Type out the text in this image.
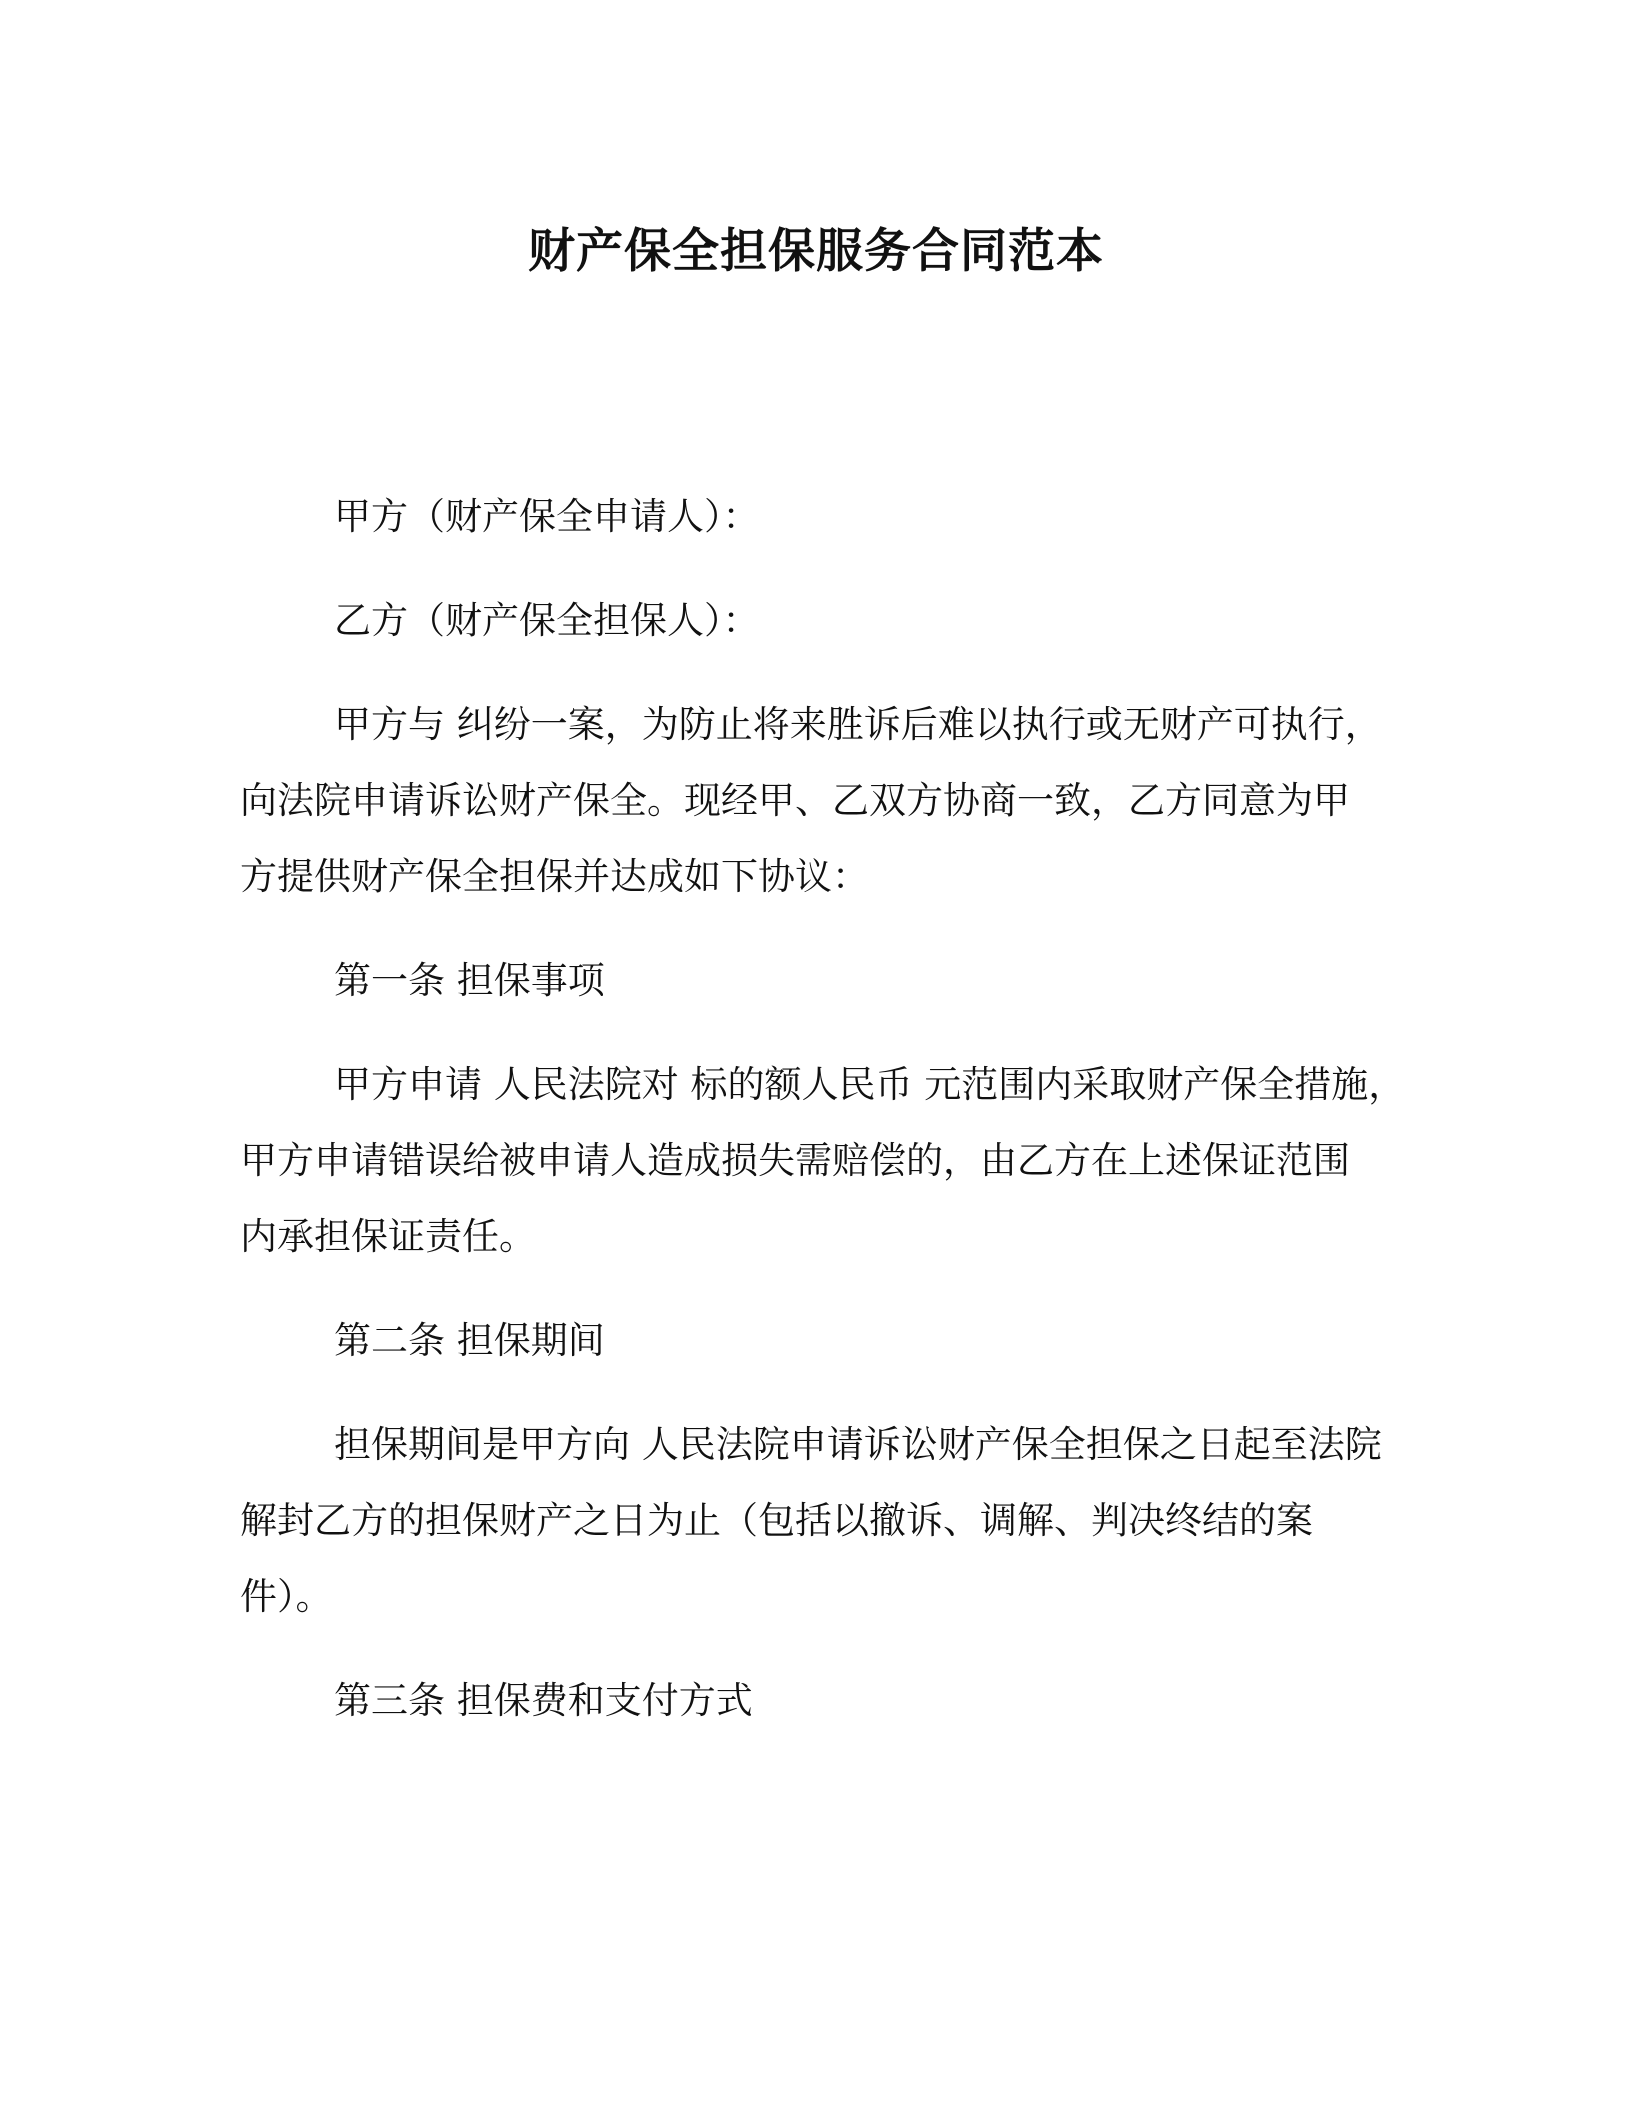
财产保全担保服务合同范本
甲方（财产保全申请人）：
乙方（财产保全担保人）：
甲方与 纠纷一案，为防止将来胜诉后难以执行或无财产可执行，
向法院申请诉讼财产保全。现经甲、乙双方协商一致，乙方同意为甲
方提供财产保全担保并达成如下协议：
第一条 担保事项
甲方申请 人民法院对 标的额人民币 元范围内采取财产保全措施，
甲方申请错误给被申请人造成损失需赔偿的，由乙方在上述保证范围
内承担保证责任。
第二条 担保期间
担保期间是甲方向 人民法院申请诉讼财产保全担保之日起至法院
解封乙方的担保财产之日为止（包括以撤诉、调解、判决终结的案
件）。
第三条 担保费和支付方式
